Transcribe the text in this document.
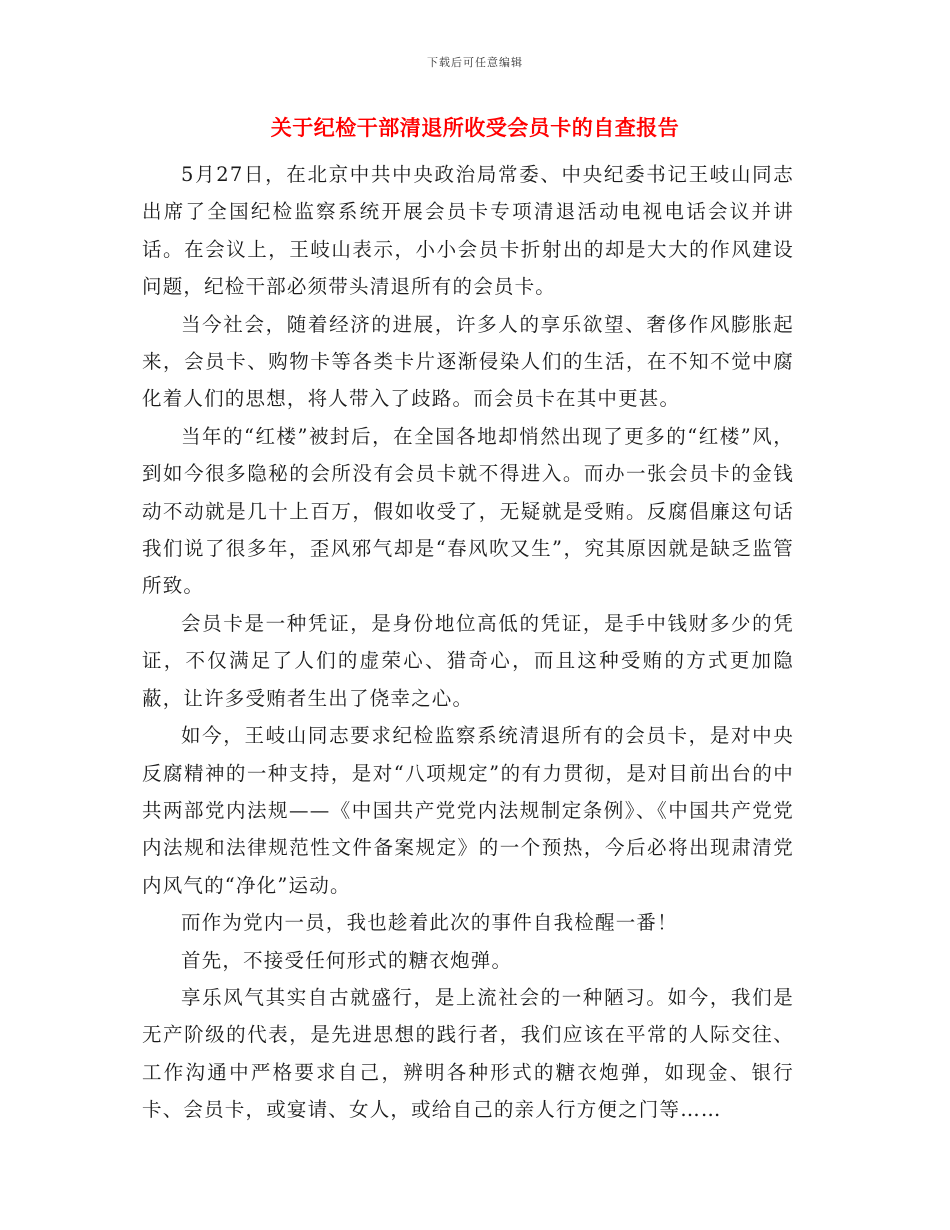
下载后可任意编辑
关于纪检干部清退所收受会员卡的自查报告

5月27日，在北京中共中央政治局常委、中央纪委书记王岐山同志出席了全国纪检监察系统开展会员卡专项清退活动电视电话会议并讲话。在会议上，王岐山表示，小小会员卡折射出的却是大大的作风建设问题，纪检干部必须带头清退所有的会员卡。

当今社会，随着经济的进展，许多人的享乐欲望、奢侈作风膨胀起来，会员卡、购物卡等各类卡片逐渐侵染人们的生活，在不知不觉中腐化着人们的思想，将人带入了歧路。而会员卡在其中更甚。

当年的“红楼”被封后，在全国各地却悄然出现了更多的“红楼”风，到如今很多隐秘的会所没有会员卡就不得进入。而办一张会员卡的金钱动不动就是几十上百万，假如收受了，无疑就是受贿。反腐倡廉这句话我们说了很多年，歪风邪气却是“春风吹又生”，究其原因就是缺乏监管所致。

会员卡是一种凭证，是身份地位高低的凭证，是手中钱财多少的凭证，不仅满足了人们的虚荣心、猎奇心，而且这种受贿的方式更加隐蔽，让许多受贿者生出了侥幸之心。

如今，王岐山同志要求纪检监察系统清退所有的会员卡，是对中央反腐精神的一种支持，是对“八项规定”的有力贯彻，是对目前出台的中共两部党内法规——《中国共产党党内法规制定条例》、《中国共产党党内法规和法律规范性文件备案规定》的一个预热，今后必将出现肃清党内风气的“净化”运动。

而作为党内一员，我也趁着此次的事件自我检醒一番！

首先，不接受任何形式的糖衣炮弹。

享乐风气其实自古就盛行，是上流社会的一种陋习。如今，我们是无产阶级的代表，是先进思想的践行者，我们应该在平常的人际交往、工作沟通中严格要求自己，辨明各种形式的糖衣炮弹，如现金、银行卡、会员卡，或宴请、女人，或给自己的亲人行方便之门等……
